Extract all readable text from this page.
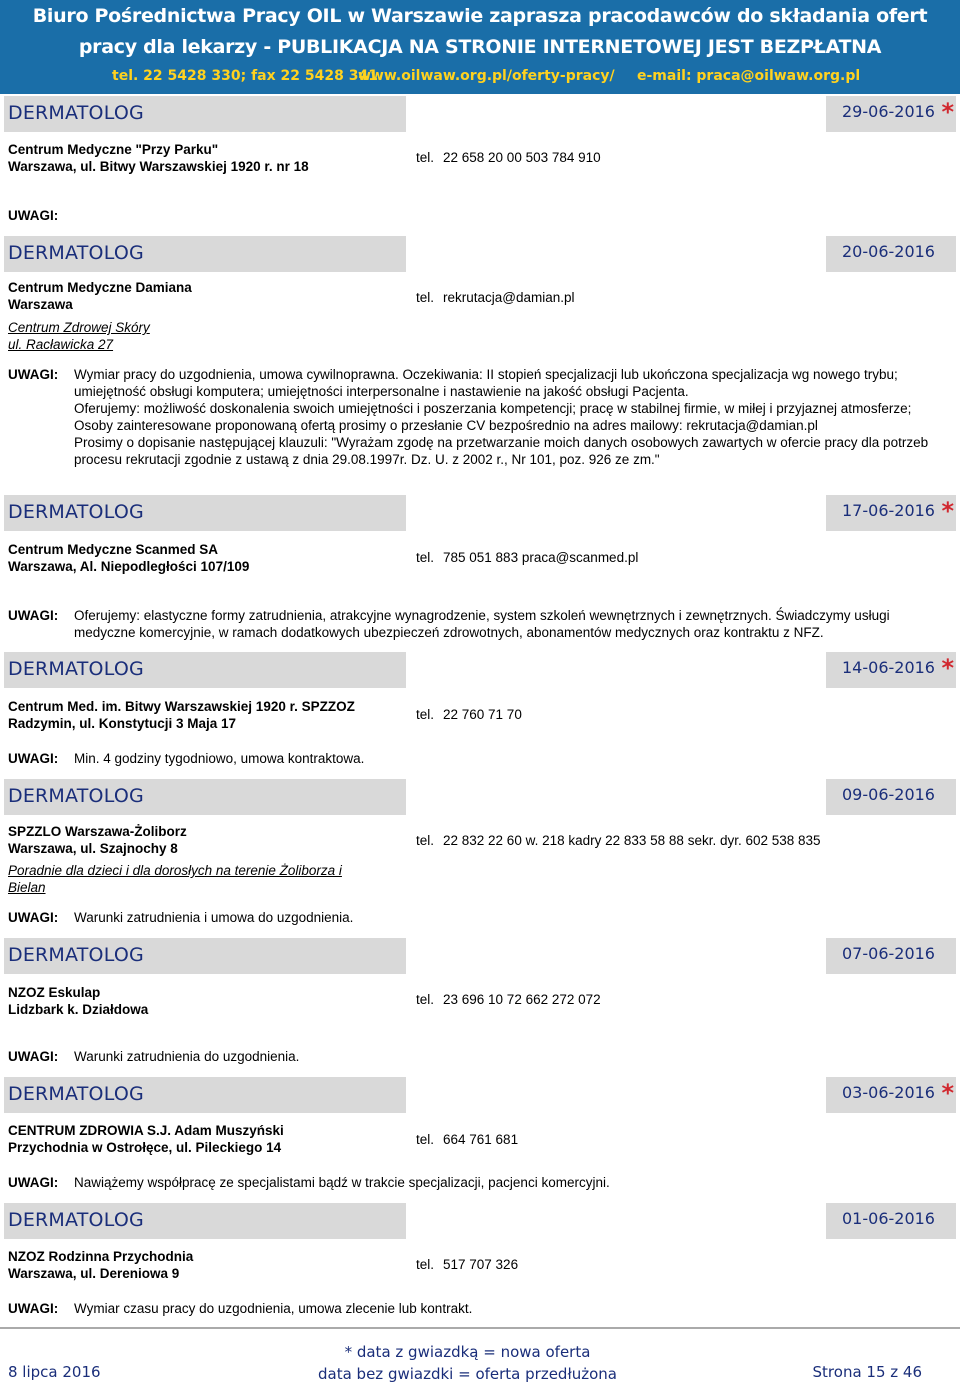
Biuro Pośrednictwa Pracy OIL w Warszawie zaprasza pracodawców do składania ofert
pracy dla lekarzy - PUBLIKACJA NA STRONIE INTERNETOWEJ JEST BEZPŁATNA
tel. 22 5428 330; fax 22 5428 341
www.oilwaw.org.pl/oferty-pracy/ e-mail: praca@oilwaw.org.pl
DERMATOLOG	29-06-2016 *
Centrum Medyczne "Przy Parku"
Warszawa, ul. Bitwy Warszawskiej 1920 r. nr 18
tel. 22 658 20 00 503 784 910
UWAGI:
DERMATOLOG	20-06-2016
Centrum Medyczne Damiana
Warszawa
Centrum Zdrowej Skóry
ul. Racławicka 27
tel. rekrutacja@damian.pl
UWAGI: Wymiar pracy do uzgodnienia, umowa cywilnoprawna. Oczekiwania: II stopień specjalizacji lub ukończona specjalizacja wg nowego trybu; umiejętność obsługi komputera; umiejętności interpersonalne i nastawienie na jakość obsługi Pacjenta.
Oferujemy: możliwość doskonalenia swoich umiejętności i poszerzania kompetencji; pracę w stabilnej firmie, w miłej i przyjaznej atmosferze;
Osoby zainteresowane proponowaną ofertą prosimy o przesłanie CV bezpośrednio na adres mailowy: rekrutacja@damian.pl
Prosimy o dopisanie następującej klauzuli: "Wyrażam zgodę na przetwarzanie moich danych osobowych zawartych w ofercie pracy dla potrzeb procesu rekrutacji zgodnie z ustawą z dnia 29.08.1997r. Dz. U. z 2002 r., Nr 101, poz. 926 ze zm."
DERMATOLOG	17-06-2016 *
Centrum Medyczne Scanmed SA
Warszawa, Al. Niepodległości 107/109
tel. 785 051 883 praca@scanmed.pl
UWAGI: Oferujemy: elastyczne formy zatrudnienia, atrakcyjne wynagrodzenie, system szkoleń wewnętrznych i zewnętrznych. Świadczymy usługi medyczne komercyjnie, w ramach dodatkowych ubezpieczeń zdrowotnych, abonamentów medycznych oraz kontraktu z NFZ.
DERMATOLOG	14-06-2016 *
Centrum Med. im. Bitwy Warszawskiej 1920 r. SPZZOZ
Radzymin, ul. Konstytucji 3 Maja 17
tel. 22 760 71 70
UWAGI: Min. 4 godziny tygodniowo, umowa kontraktowa.
DERMATOLOG	09-06-2016
SPZZLO Warszawa-Żoliborz
Warszawa, ul. Szajnochy 8
Poradnie dla dzieci i dla dorosłych na terenie Żoliborza i
Bielan
tel. 22 832 22 60 w. 218 kadry 22 833 58 88 sekr. dyr. 602 538 835
UWAGI: Warunki zatrudnienia i umowa do uzgodnienia.
DERMATOLOG	07-06-2016
NZOZ Eskulap
Lidzbark k. Działdowa
tel. 23 696 10 72 662 272 072
UWAGI: Warunki zatrudnienia do uzgodnienia.
DERMATOLOG	03-06-2016 *
CENTRUM ZDROWIA S.J. Adam Muszyński
Przychodnia w Ostrołęce, ul. Pileckiego 14
tel. 664 761 681
UWAGI: Nawiążemy współpracę ze specjalistami bądź w trakcie specjalizacji, pacjenci komercyjni.
DERMATOLOG	01-06-2016
NZOZ Rodzinna Przychodnia
Warszawa, ul. Dereniowa 9
tel. 517 707 326
UWAGI: Wymiar czasu pracy do uzgodnienia, umowa zlecenie lub kontrakt.
8 lipca 2016
* data z gwiazdką = nowa oferta
data bez gwiazdki = oferta przedłużona	Strona 15 z 46
